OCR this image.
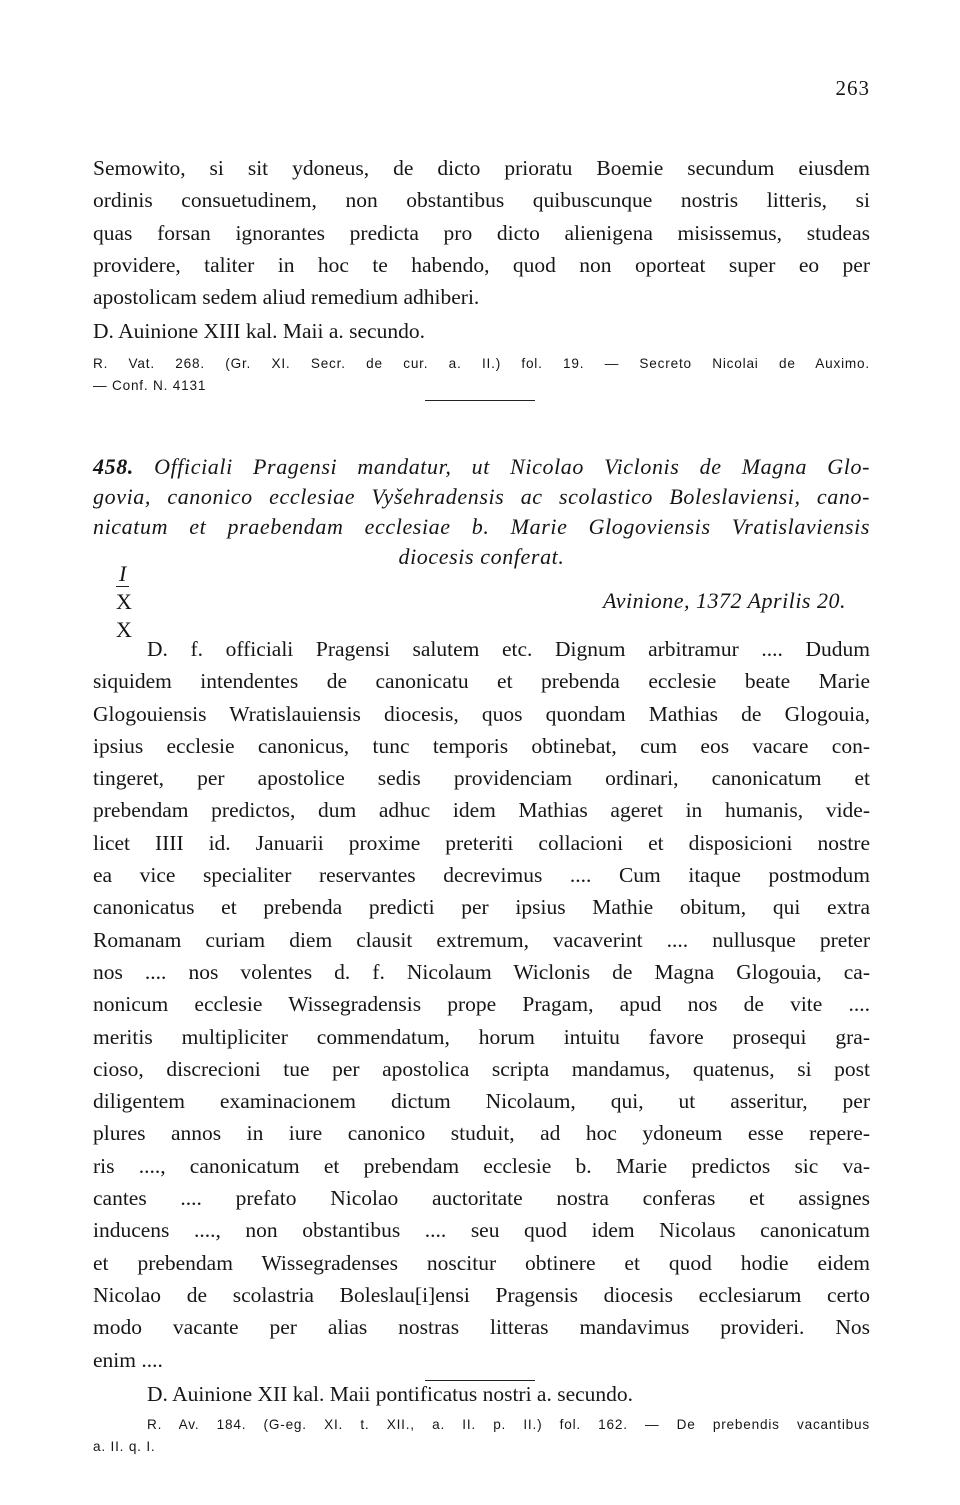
263

Semowito, si sit ydoneus, de dicto prioratu Boemie secundum eiusdem
ordinis consuetudinem, non obstantibus quibuscunque nostris litteris, si
quas forsan ignorantes predicta pro dicto alienigena misissemus, studeas
providere, taliter in hoc te habendo, quod non oporteat super eo per
apostolicam sedem aliud remedium adhiberi.

D. Auinione XIII kal. Maii a. secundo.

R. Vat. 268. (Gr. XI. Secr. de cur. a. II.) fol. 19. — Secreto Nicolai de Auximo.
— Conf. N. 4131

458. Officiali Pragensi mandatur, ut Nicolao Viclonis de Magna Glo-
govia, canonico ecclesiae Vyšehradensis ac scolastico Boleslaviensi, cano-
nicatum et praebendam ecclesiae b. Marie Glogoviensis Vratislaviensis
diocesis conferat.
I
X
X
Avinione, 1372 Aprilis 20.

D. f. officiali Pragensi salutem etc. Dignum arbitramur .... Dudum
siquidem intendentes de canonicatu et prebenda ecclesie beate Marie
Glogouiensis Wratislauiensis diocesis, quos quondam Mathias de Glogouia,
ipsius ecclesie canonicus, tunc temporis obtinebat, cum eos vacare con-
tingeret, per apostolice sedis providenciam ordinari, canonicatum et
prebendam predictos, dum adhuc idem Mathias ageret in humanis, vide-
licet IIII id. Januarii proxime preteriti collacioni et disposicioni nostre
ea vice specialiter reservantes decrevimus .... Cum itaque postmodum
canonicatus et prebenda predicti per ipsius Mathie obitum, qui extra
Romanam curiam diem clausit extremum, vacaverint .... nullusque preter
nos .... nos volentes d. f. Nicolaum Wiclonis de Magna Glogouia, ca-
nonicum ecclesie Wissegradensis prope Pragam, apud nos de vite ....
meritis multipliciter commendatum, horum intuitu favore prosequi gra-
cioso, discrecioni tue per apostolica scripta mandamus, quatenus, si post
diligentem examinacionem dictum Nicolaum, qui, ut asseritur, per
plures annos in iure canonico studuit, ad hoc ydoneum esse repere-
ris ...., canonicatum et prebendam ecclesie b. Marie predictos sic va-
cantes .... prefato Nicolao auctoritate nostra conferas et assignes
inducens ...., non obstantibus .... seu quod idem Nicolaus canonicatum
et prebendam Wissegradenses noscitur obtinere et quod hodie eidem
Nicolao de scolastria Boleslau[i]ensi Pragensis diocesis ecclesiarum certo
modo vacante per alias nostras litteras mandavimus provideri. Nos
enim ....

D. Auinione XII kal. Maii pontificatus nostri a. secundo.

R. Av. 184. (G-eg. XI. t. XII., a. II. p. II.) fol. 162. — De prebendis vacantibus
a. II. q. I.
